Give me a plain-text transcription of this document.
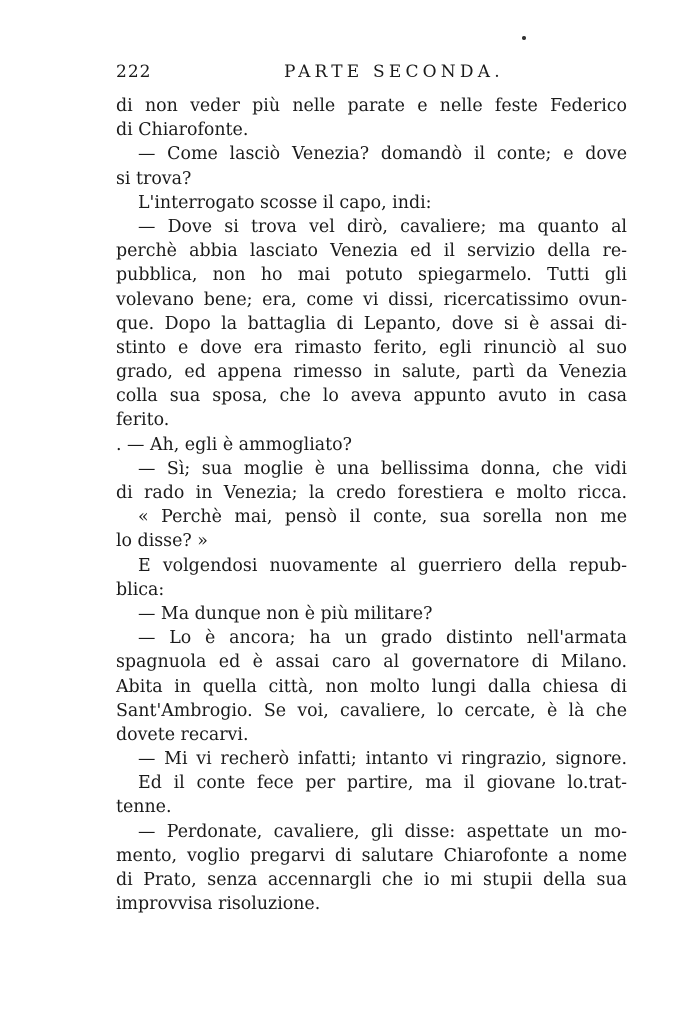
222	PARTE SECONDA.
di non veder più nelle parate e nelle feste Federico
di Chiarofonte.
— Come lasciò Venezia? domandò il conte; e dove
si trova?
L'interrogato scosse il capo, indi:
— Dove si trova vel dirò, cavaliere; ma quanto al
perchè abbia lasciato Venezia ed il servizio della re-
pubblica, non ho mai potuto spiegarmelo. Tutti gli
volevano bene; era, come vi dissi, ricercatissimo ovun-
que. Dopo la battaglia di Lepanto, dove si è assai di-
stinto e dove era rimasto ferito, egli rinunciò al suo
grado, ed appena rimesso in salute, partì da Venezia
colla sua sposa, che lo aveva appunto avuto in casa
ferito.
. — Ah, egli è ammogliato?
— Sì; sua moglie è una bellissima donna, che vidi
di rado in Venezia; la credo forestiera e molto ricca.
« Perchè mai, pensò il conte, sua sorella non me
lo disse? »
E volgendosi nuovamente al guerriero della repub-
blica:
— Ma dunque non è più militare?
— Lo è ancora; ha un grado distinto nell'armata
spagnuola ed è assai caro al governatore di Milano.
Abita in quella città, non molto lungi dalla chiesa di
Sant'Ambrogio. Se voi, cavaliere, lo cercate, è là che
dovete recarvi.
— Mi vi recherò infatti; intanto vi ringrazio, signore.
Ed il conte fece per partire, ma il giovane lo.trat-
tenne.
— Perdonate, cavaliere, gli disse: aspettate un mo-
mento, voglio pregarvi di salutare Chiarofonte a nome
di Prato, senza accennargli che io mi stupii della sua
improvvisa risoluzione.
